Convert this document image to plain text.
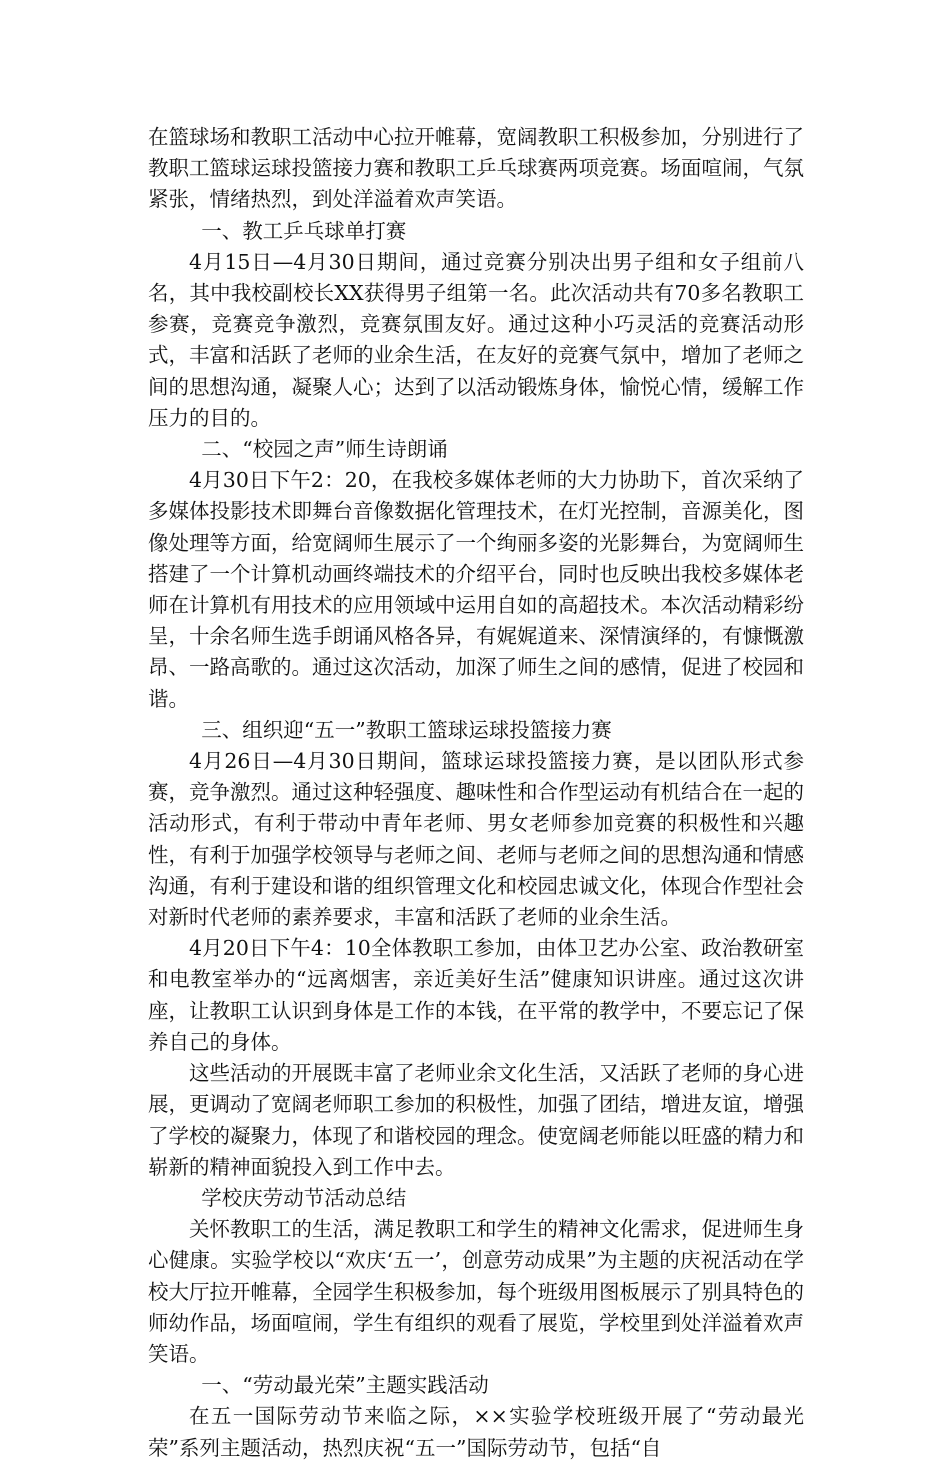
在篮球场和教职工活动中心拉开帷幕，宽阔教职工积极参加，分别进行了教职工篮球运球投篮接力赛和教职工乒乓球赛两项竞赛。场面喧闹，气氛紧张，情绪热烈，到处洋溢着欢声笑语。

一、教工乒乓球单打赛

4月15日—4月30日期间，通过竞赛分别决出男子组和女子组前八名，其中我校副校长XX获得男子组第一名。此次活动共有70多名教职工参赛，竞赛竞争激烈，竞赛氛围友好。通过这种小巧灵活的竞赛活动形式，丰富和活跃了老师的业余生活，在友好的竞赛气氛中，增加了老师之间的思想沟通，凝聚人心；达到了以活动锻炼身体，愉悦心情，缓解工作压力的目的。

二、“校园之声”师生诗朗诵

4月30日下午2：20，在我校多媒体老师的大力协助下，首次采纳了多媒体投影技术即舞台音像数据化管理技术，在灯光控制，音源美化，图像处理等方面，给宽阔师生展示了一个绚丽多姿的光影舞台，为宽阔师生搭建了一个计算机动画终端技术的介绍平台，同时也反映出我校多媒体老师在计算机有用技术的应用领域中运用自如的高超技术。本次活动精彩纷呈，十余名师生选手朗诵风格各异，有娓娓道来、深情演绎的，有慷慨激昂、一路高歌的。通过这次活动，加深了师生之间的感情，促进了校园和谐。

三、组织迎“五一”教职工篮球运球投篮接力赛

4月26日—4月30日期间，篮球运球投篮接力赛，是以团队形式参赛，竞争激烈。通过这种轻强度、趣味性和合作型运动有机结合在一起的活动形式，有利于带动中青年老师、男女老师参加竞赛的积极性和兴趣性，有利于加强学校领导与老师之间、老师与老师之间的思想沟通和情感沟通，有利于建设和谐的组织管理文化和校园忠诚文化，体现合作型社会对新时代老师的素养要求，丰富和活跃了老师的业余生活。

4月20日下午4：10全体教职工参加，由体卫艺办公室、政治教研室和电教室举办的“远离烟害，亲近美好生活”健康知识讲座。通过这次讲座，让教职工认识到身体是工作的本钱，在平常的教学中，不要忘记了保养自己的身体。

这些活动的开展既丰富了老师业余文化生活，又活跃了老师的身心进展，更调动了宽阔老师职工参加的积极性，加强了团结，增进友谊，增强了学校的凝聚力，体现了和谐校园的理念。使宽阔老师能以旺盛的精力和崭新的精神面貌投入到工作中去。

学校庆劳动节活动总结

关怀教职工的生活，满足教职工和学生的精神文化需求，促进师生身心健康。实验学校以“欢庆‘五一’，创意劳动成果”为主题的庆祝活动在学校大厅拉开帷幕，全园学生积极参加，每个班级用图板展示了别具特色的师幼作品，场面喧闹，学生有组织的观看了展览，学校里到处洋溢着欢声笑语。

一、“劳动最光荣”主题实践活动

在五一国际劳动节来临之际，××实验学校班级开展了“劳动最光荣”系列主题活动，热烈庆祝“五一”国际劳动节，包括“自
